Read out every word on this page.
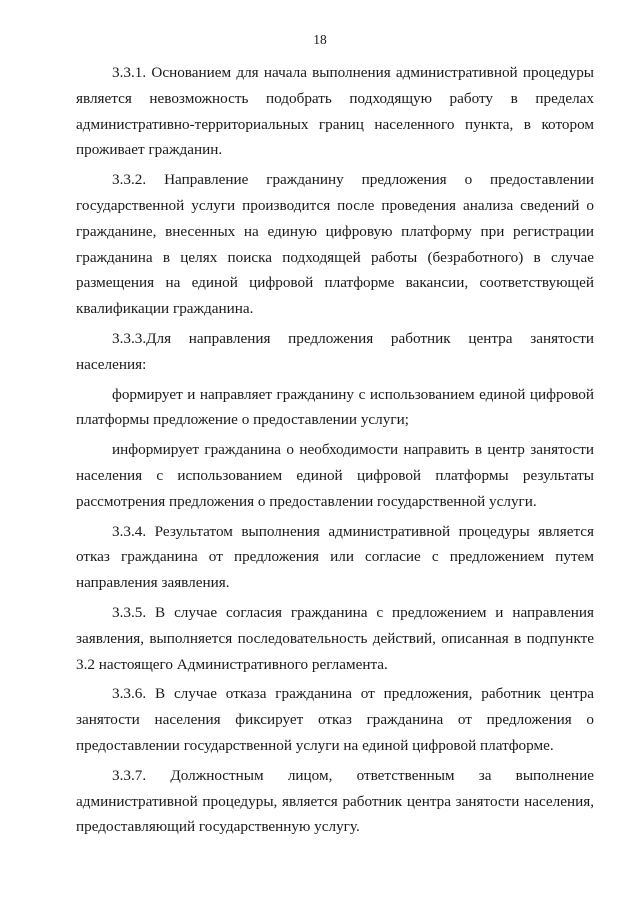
18

3.3.1. Основанием для начала выполнения административной процедуры является невозможность подобрать подходящую работу в пределах административно-территориальных границ населенного пункта, в котором проживает гражданин.

3.3.2. Направление гражданину предложения о предоставлении государственной услуги производится после проведения анализа сведений о гражданине, внесенных на единую цифровую платформу при регистрации гражданина в целях поиска подходящей работы (безработного) в случае размещения на единой цифровой платформе вакансии, соответствующей квалификации гражданина.

3.3.3.Для направления предложения работник центра занятости населения:

формирует и направляет гражданину с использованием единой цифровой платформы предложение о предоставлении услуги;

информирует гражданина о необходимости направить в центр занятости населения с использованием единой цифровой платформы результаты рассмотрения предложения о предоставлении государственной услуги.

3.3.4. Результатом выполнения административной процедуры является отказ гражданина от предложения или согласие с предложением путем направления заявления.

3.3.5. В случае согласия гражданина с предложением и направления заявления, выполняется последовательность действий, описанная в подпункте 3.2 настоящего Административного регламента.

3.3.6. В случае отказа гражданина от предложения, работник центра занятости населения фиксирует отказ гражданина от предложения о предоставлении государственной услуги на единой цифровой платформе.

3.3.7. Должностным лицом, ответственным за выполнение административной процедуры, является работник центра занятости населения, предоставляющий государственную услугу.
